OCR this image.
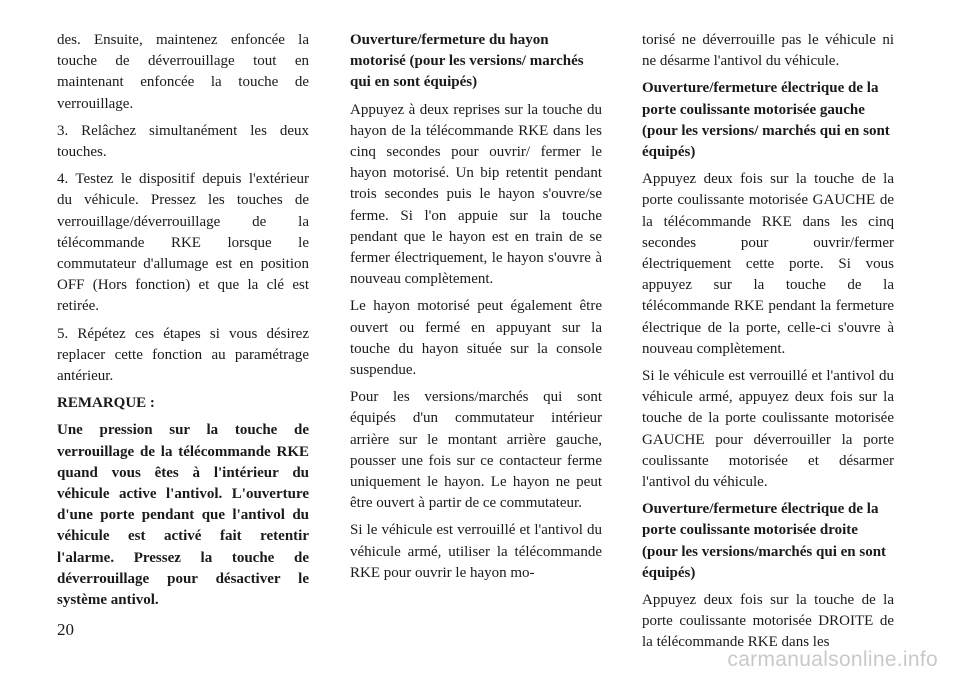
des. Ensuite, maintenez enfoncée la touche de déverrouillage tout en maintenant enfoncée la touche de verrouillage.

3. Relâchez simultanément les deux touches.

4. Testez le dispositif depuis l'extérieur du véhicule. Pressez les touches de verrouillage/déverrouillage de la télécommande RKE lorsque le commutateur d'allumage est en position OFF (Hors fonction) et que la clé est retirée.

5. Répétez ces étapes si vous désirez replacer cette fonction au paramétrage antérieur.

REMARQUE :

Une pression sur la touche de verrouillage de la télécommande RKE quand vous êtes à l'intérieur du véhicule active l'antivol. L'ouverture d'une porte pendant que l'antivol du véhicule est activé fait retentir l'alarme. Pressez la touche de déverrouillage pour désactiver le système antivol.

Ouverture/fermeture du hayon motorisé (pour les versions/ marchés qui en sont équipés)

Appuyez à deux reprises sur la touche du hayon de la télécommande RKE dans les cinq secondes pour ouvrir/ fermer le hayon motorisé. Un bip retentit pendant trois secondes puis le hayon s'ouvre/se ferme. Si l'on appuie sur la touche pendant que le hayon est en train de se fermer électriquement, le hayon s'ouvre à nouveau complètement.

Le hayon motorisé peut également être ouvert ou fermé en appuyant sur la touche du hayon située sur la console suspendue.

Pour les versions/marchés qui sont équipés d'un commutateur intérieur arrière sur le montant arrière gauche, pousser une fois sur ce contacteur ferme uniquement le hayon. Le hayon ne peut être ouvert à partir de ce commutateur.

Si le véhicule est verrouillé et l'antivol du véhicule armé, utiliser la télécommande RKE pour ouvrir le hayon mo-

torisé ne déverrouille pas le véhicule ni ne désarme l'antivol du véhicule.

Ouverture/fermeture électrique de la porte coulissante motorisée gauche (pour les versions/ marchés qui en sont équipés)

Appuyez deux fois sur la touche de la porte coulissante motorisée GAUCHE de la télécommande RKE dans les cinq secondes pour ouvrir/fermer électriquement cette porte. Si vous appuyez sur la touche de la télécommande RKE pendant la fermeture électrique de la porte, celle-ci s'ouvre à nouveau complètement.

Si le véhicule est verrouillé et l'antivol du véhicule armé, appuyez deux fois sur la touche de la porte coulissante motorisée GAUCHE pour déverrouiller la porte coulissante motorisée et désarmer l'antivol du véhicule.

Ouverture/fermeture électrique de la porte coulissante motorisée droite (pour les versions/marchés qui en sont équipés)

Appuyez deux fois sur la touche de la porte coulissante motorisée DROITE de la télécommande RKE dans les

20
carmanualsonline.info
